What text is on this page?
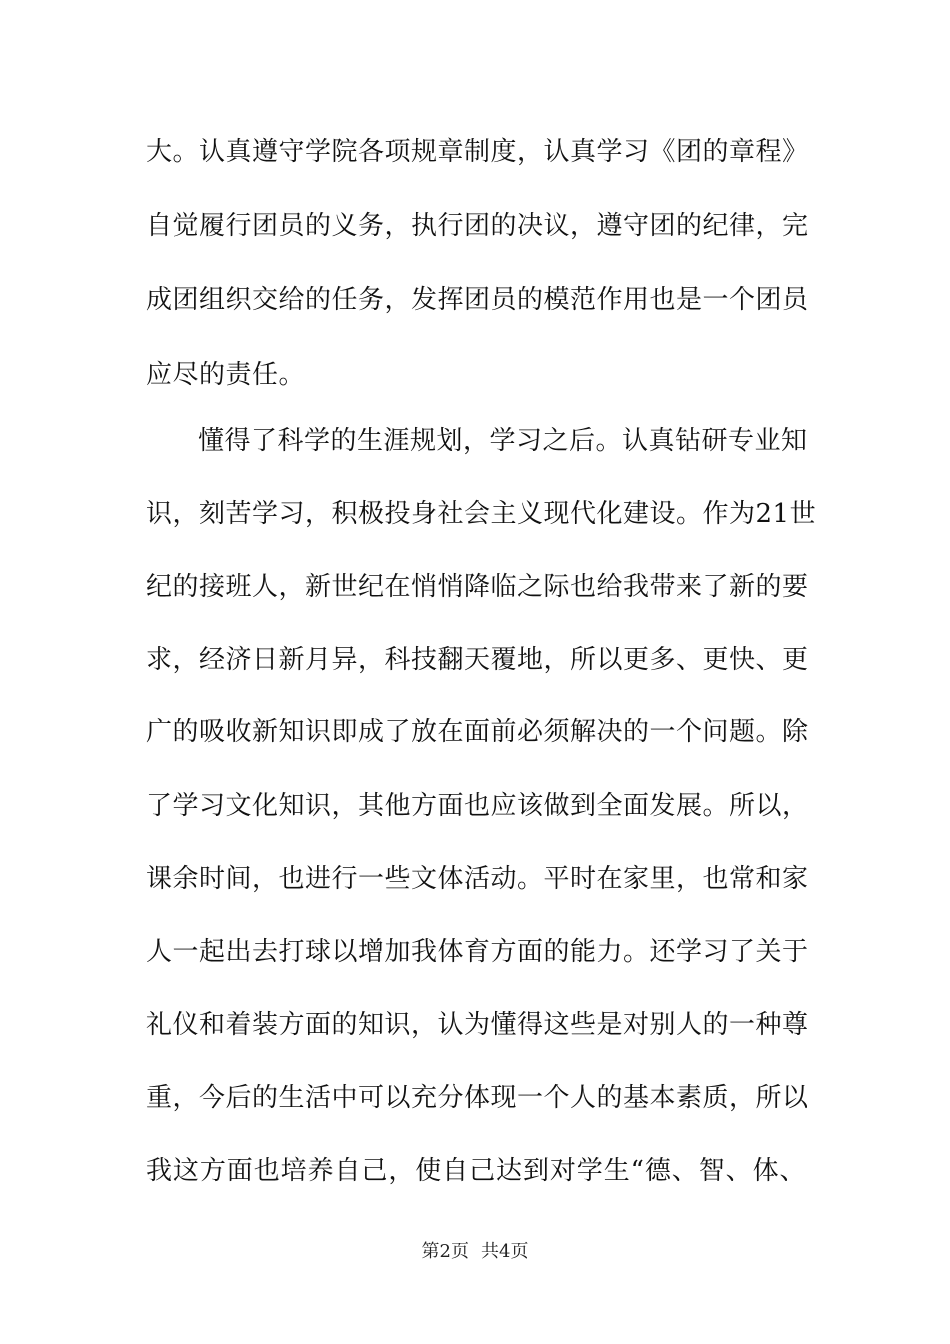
大。认真遵守学院各项规章制度，认真学习《团的章程》
自觉履行团员的义务，执行团的决议，遵守团的纪律，完
成团组织交给的任务，发挥团员的模范作用也是一个团员
应尽的责任。
懂得了科学的生涯规划，学习之后。认真钻研专业知
识，刻苦学习，积极投身社会主义现代化建设。作为21世
纪的接班人，新世纪在悄悄降临之际也给我带来了新的要
求，经济日新月异，科技翻天覆地，所以更多、更快、更
广的吸收新知识即成了放在面前必须解决的一个问题。除
了学习文化知识，其他方面也应该做到全面发展。所以，
课余时间，也进行一些文体活动。平时在家里，也常和家
人一起出去打球以增加我体育方面的能力。还学习了关于
礼仪和着装方面的知识，认为懂得这些是对别人的一种尊
重，今后的生活中可以充分体现一个人的基本素质，所以
我这方面也培养自己，使自己达到对学生“德、智、体、
第2页 共4页
